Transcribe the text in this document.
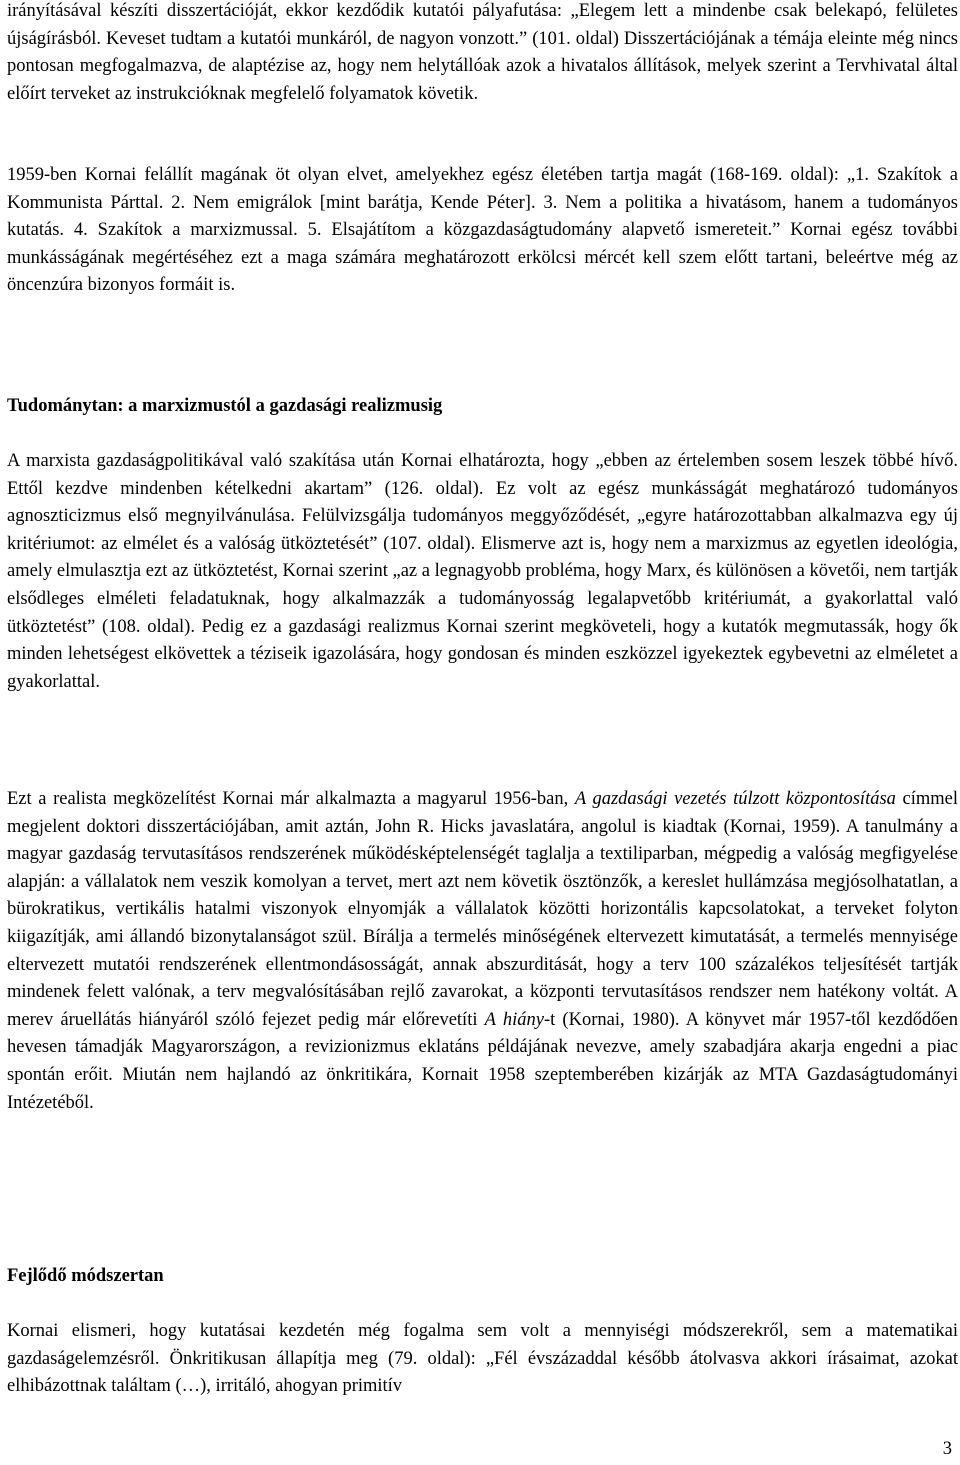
irányításával készíti disszertációját, ekkor kezdődik kutatói pályafutása: „Elegem lett a mindenbe csak belekapó, felületes újságírásból. Keveset tudtam a kutatói munkáról, de nagyon vonzott.” (101. oldal) Disszertációjának a témája eleinte még nincs pontosan megfogalmazva, de alaptézise az, hogy nem helytállóak azok a hivatalos állítások, melyek szerint a Tervhivatal által előírt terveket az instrukcióknak megfelelő folyamatok követik.

1959-ben Kornai felállít magának öt olyan elvet, amelyekhez egész életében tartja magát (168-169. oldal): „1. Szakítok a Kommunista Párttal. 2. Nem emigrálok [mint barátja, Kende Péter]. 3. Nem a politika a hivatásom, hanem a tudományos kutatás. 4. Szakítok a marxizmussal. 5. Elsajátítom a közgazdaságtudomány alapvető ismereteit.” Kornai egész további munkásságának megértéséhez ezt a maga számára meghatározott erkölcsi mércét kell szem előtt tartani, beleértve még az öncenzúra bizonyos formáit is.

Tudománytan: a marxizmustól a gazdasági realizmusig

A marxista gazdaságpolitikával való szakítása után Kornai elhatározta, hogy „ebben az értelemben sosem leszek többé hívő. Ettől kezdve mindenben kételkedni akartam” (126. oldal). Ez volt az egész munkásságát meghatározó tudományos agnoszticizmus első megnyilvánulása. Felülvizsgálja tudományos meggyőződését, „egyre határozottabban alkalmazva egy új kritériumot: az elmélet és a valóság ütköztetését” (107. oldal). Elismerve azt is, hogy nem a marxizmus az egyetlen ideológia, amely elmulasztja ezt az ütköztetést, Kornai szerint „az a legnagyobb probléma, hogy Marx, és különösen a követői, nem tartják elsődleges elméleti feladatuknak, hogy alkalmazzák a tudományosság legalapvetőbb kritériumát, a gyakorlattal való ütköztetést” (108. oldal). Pedig ez a gazdasági realizmus Kornai szerint megköveteli, hogy a kutatók megmutassák, hogy ők minden lehetségest elkövettek a téziseik igazolására, hogy gondosan és minden eszközzel igyekeztek egybevetni az elméletet a gyakorlattal.

Ezt a realista megközelítést Kornai már alkalmazta a magyarul 1956-ban, A gazdasági vezetés túlzott központosítása címmel megjelent doktori disszertációjában, amit aztán, John R. Hicks javaslatára, angolul is kiadtak (Kornai, 1959). A tanulmány a magyar gazdaság tervutasításos rendszerének működésképtelenségét taglalja a textiliparban, mégpedig a valóság megfigyelése alapján: a vállalatok nem veszik komolyan a tervet, mert azt nem követik ösztönzők, a kereslet hullámzása megjósolhatatlan, a bürokratikus, vertikális hatalmi viszonyok elnyomják a vállalatok közötti horizontális kapcsolatokat, a terveket folyton kiigazítják, ami állandó bizonytalanságot szül. Bírálja a termelés minőségének eltervezett kimutatását, a termelés mennyisége eltervezett mutatói rendszerének ellentmondásosságát, annak abszurditását, hogy a terv 100 százalékos teljesítését tartják mindenek felett valónak, a terv megvalósításában rejlő zavarokat, a központi tervutasításos rendszer nem hatékony voltát. A merev áruellátás hiányáról szóló fejezet pedig már előrevetíti A hiány-t (Kornai, 1980). A könyvet már 1957-től kezdődően hevesen támadják Magyarországon, a revizionizmus eklatáns példájának nevezve, amely szabadjára akarja engedni a piac spontán erőit. Miután nem hajlandó az önkritikára, Kornait 1958 szeptemberében kizárják az MTA Gazdaságtudományi Intézetéből.

Fejlődő módszertan

Kornai elismeri, hogy kutatásai kezdetén még fogalma sem volt a mennyiségi módszerekről, sem a matematikai gazdaságelemzésről. Önkritikusan állapítja meg (79. oldal): „Fél évszázaddal később átolvasva akkori írásaimat, azokat elhibázottnak találtam (…), irritáló, ahogyan primitív

3
